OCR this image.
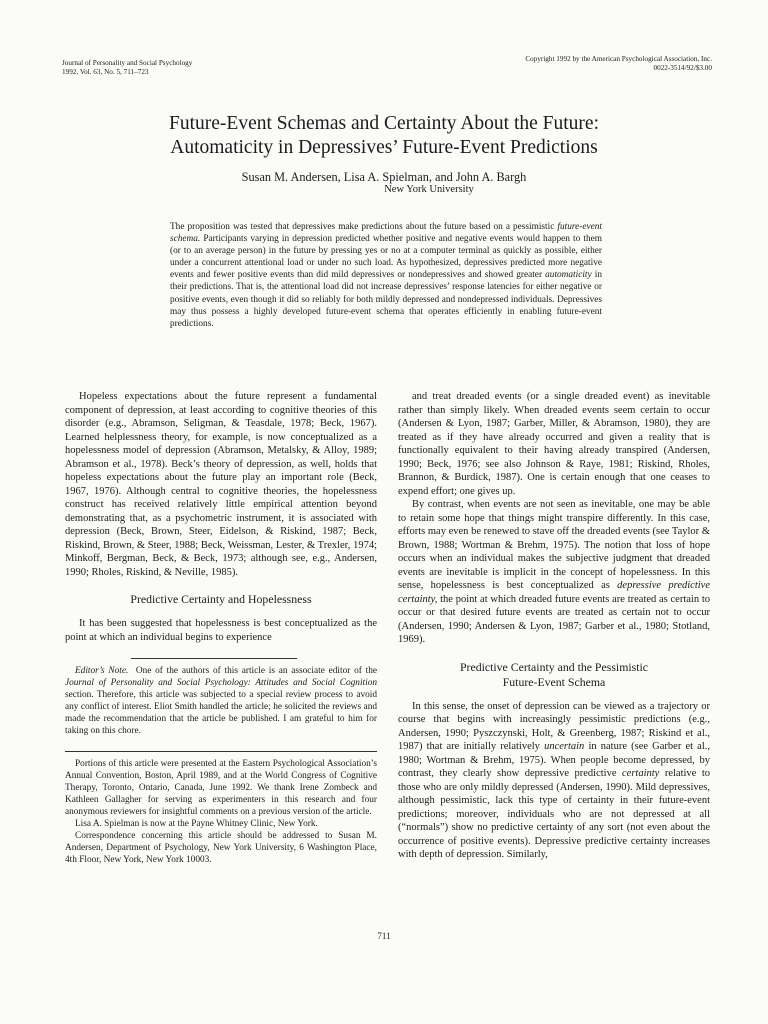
Journal of Personality and Social Psychology
1992, Vol. 63, No. 5, 711–723
Copyright 1992 by the American Psychological Association, Inc.
0022-3514/92/$3.00
Future-Event Schemas and Certainty About the Future:
Automaticity in Depressives’ Future-Event Predictions
Susan M. Andersen, Lisa A. Spielman, and John A. Bargh
New York University
The proposition was tested that depressives make predictions about the future based on a pessimistic future-event schema. Participants varying in depression predicted whether positive and negative events would happen to them (or to an average person) in the future by pressing yes or no at a computer terminal as quickly as possible, either under a concurrent attentional load or under no such load. As hypothesized, depressives predicted more negative events and fewer positive events than did mild depressives or nondepressives and showed greater automaticity in their predictions. That is, the attentional load did not increase depressives’ response latencies for either negative or positive events, even though it did so reliably for both mildly depressed and nondepressed individuals. Depressives may thus possess a highly developed future-event schema that operates efficiently in enabling future-event predictions.

Hopeless expectations about the future represent a fundamental component of depression, at least according to cognitive theories of this disorder (e.g., Abramson, Seligman, & Teasdale, 1978; Beck, 1967). Learned helplessness theory, for example, is now conceptualized as a hopelessness model of depression (Abramson, Metalsky, & Alloy, 1989; Abramson et al., 1978). Beck’s theory of depression, as well, holds that hopeless expectations about the future play an important role (Beck, 1967, 1976). Although central to cognitive theories, the hopelessness construct has received relatively little empirical attention beyond demonstrating that, as a psychometric instrument, it is associated with depression (Beck, Brown, Steer, Eidelson, & Riskind, 1987; Beck, Riskind, Brown, & Steer, 1988; Beck, Weissman, Lester, & Trexler, 1974; Minkoff, Bergman, Beck, & Beck, 1973; although see, e.g., Andersen, 1990; Rholes, Riskind, & Neville, 1985).

Predictive Certainty and Hopelessness

It has been suggested that hopelessness is best conceptualized as the point at which an individual begins to experience

Editor’s Note. One of the authors of this article is an associate editor of the Journal of Personality and Social Psychology: Attitudes and Social Cognition section. Therefore, this article was subjected to a special review process to avoid any conflict of interest. Eliot Smith handled the article; he solicited the reviews and made the recommendation that the article be published. I am grateful to him for taking on this chore.

Portions of this article were presented at the Eastern Psychological Association’s Annual Convention, Boston, April 1989, and at the World Congress of Cognitive Therapy, Toronto, Ontario, Canada, June 1992. We thank Irene Zombeck and Kathleen Gallagher for serving as experimenters in this research and four anonymous reviewers for insightful comments on a previous version of the article.

Lisa A. Spielman is now at the Payne Whitney Clinic, New York.

Correspondence concerning this article should be addressed to Susan M. Andersen, Department of Psychology, New York University, 6 Washington Place, 4th Floor, New York, New York 10003.

and treat dreaded events (or a single dreaded event) as inevitable rather than simply likely. When dreaded events seem certain to occur (Andersen & Lyon, 1987; Garber, Miller, & Abramson, 1980), they are treated as if they have already occurred and given a reality that is functionally equivalent to their having already transpired (Andersen, 1990; Beck, 1976; see also Johnson & Raye, 1981; Riskind, Rholes, Brannon, & Burdick, 1987). One is certain enough that one ceases to expend effort; one gives up.

By contrast, when events are not seen as inevitable, one may be able to retain some hope that things might transpire differently. In this case, efforts may even be renewed to stave off the dreaded events (see Taylor & Brown, 1988; Wortman & Brehm, 1975). The notion that loss of hope occurs when an individual makes the subjective judgment that dreaded events are inevitable is implicit in the concept of hopelessness. In this sense, hopelessness is best conceptualized as depressive predictive certainty, the point at which dreaded future events are treated as certain to occur or that desired future events are treated as certain not to occur (Andersen, 1990; Andersen & Lyon, 1987; Garber et al., 1980; Stotland, 1969).

Predictive Certainty and the Pessimistic
Future-Event Schema

In this sense, the onset of depression can be viewed as a trajectory or course that begins with increasingly pessimistic predictions (e.g., Andersen, 1990; Pyszczynski, Holt, & Greenberg, 1987; Riskind et al., 1987) that are initially relatively uncertain in nature (see Garber et al., 1980; Wortman & Brehm, 1975). When people become depressed, by contrast, they clearly show depressive predictive certainty relative to those who are only mildly depressed (Andersen, 1990). Mild depressives, although pessimistic, lack this type of certainty in their future-event predictions; moreover, individuals who are not depressed at all (“normals”) show no predictive certainty of any sort (not even about the occurrence of positive events). Depressive predictive certainty increases with depth of depression. Similarly,

711
